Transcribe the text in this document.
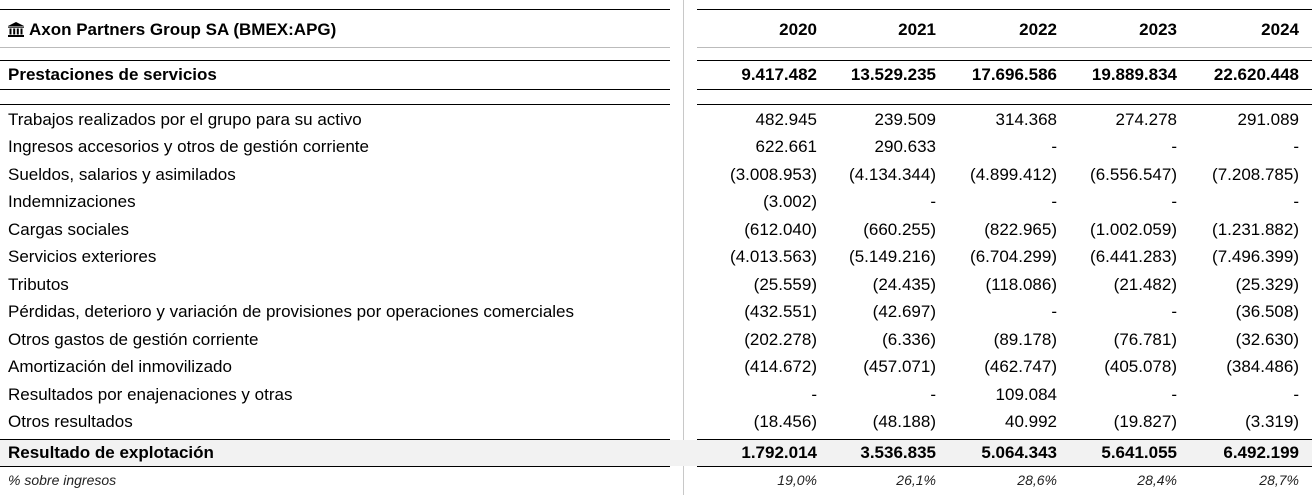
Axon Partners Group SA (BMEX:APG)	2020	2021	2022	2023	2024
Prestaciones de servicios	9.417.482 13.529.235 17.696.586 19.889.834 22.620.448
Trabajos realizados por el grupo para su activo	482.945	239.509	314.368	274.278	291.089
Ingresos accesorios y otros de gestión corriente	622.661	290.633	-	-	-
Sueldos, salarios y asimilados	(3.008.953) (4.134.344) (4.899.412) (6.556.547) (7.208.785)
Indemnizaciones	(3.002)	-	-	-	-
Cargas sociales	(612.040)	(660.255)	(822.965) (1.002.059) (1.231.882)
Servicios exteriores	(4.013.563) (5.149.216) (6.704.299) (6.441.283) (7.496.399)
Tributos	(25.559)	(24.435)	(118.086)	(21.482)	(25.329)
Pérdidas, deterioro y variación de provisiones por operaciones comerciales	(432.551)	(42.697)	-	-	(36.508)
Otros gastos de gestión corriente	(202.278)	(6.336)	(89.178)	(76.781)	(32.630)
Amortización del inmovilizado	(414.672)	(457.071)	(462.747)	(405.078)	(384.486)
Resultados por enajenaciones y otras	-	-	109.084	-	-
Otros resultados	(18.456)	(48.188)	40.992	(19.827)	(3.319)
Resultado de explotación	1.792.014	3.536.835	5.064.343	5.641.055	6.492.199
% sobre ingresos	19,0%	26,1%	28,6%	28,4%	28,7%
